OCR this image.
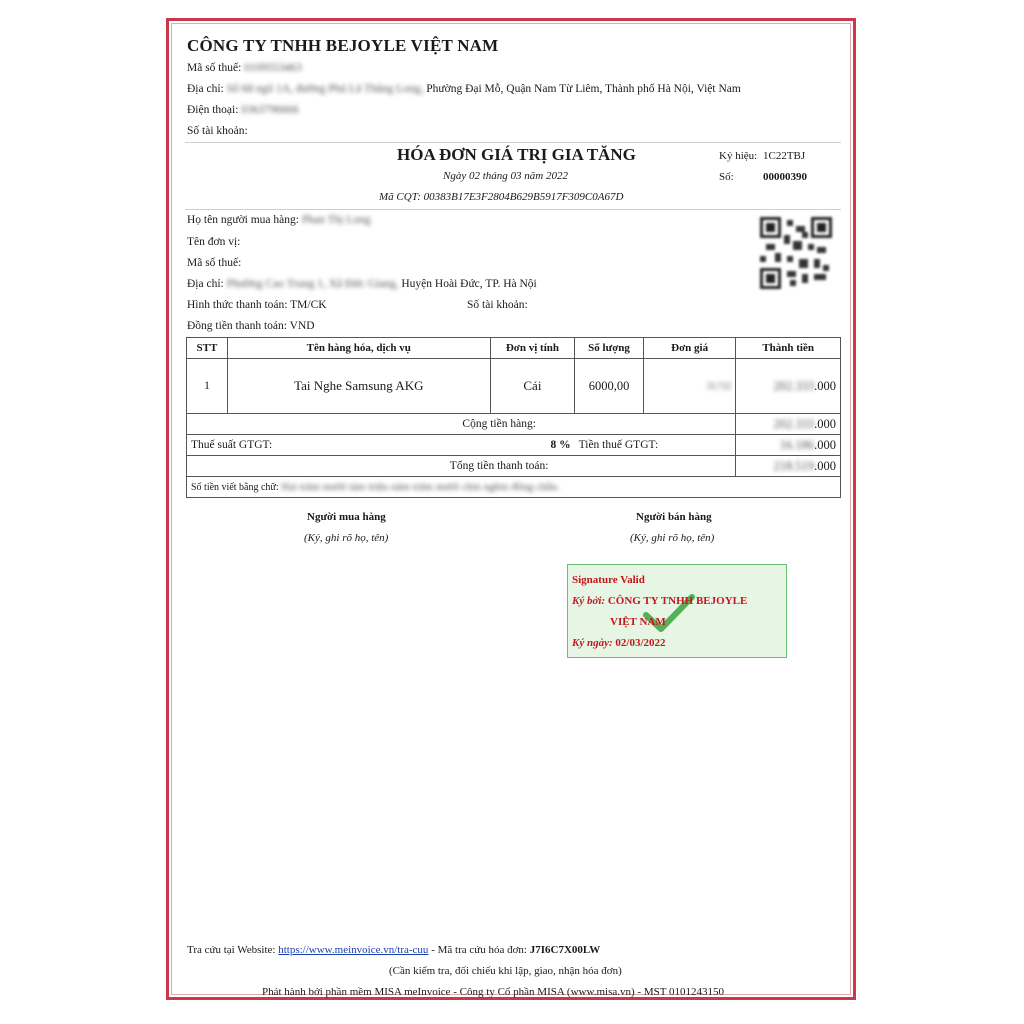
CÔNG TY TNHH BEJOYLE VIỆT NAM
Mã số thuế: 0109553463
Địa chỉ: Số 68 ngõ 1A, đường Phú Lã Thăng Long, Phường Đại Mỗ, Quận Nam Từ Liêm, Thành phố Hà Nội, Việt Nam
Điện thoại: 0363796666
Số tài khoản:
HÓA ĐƠN GIÁ TRỊ GIA TĂNG
Ngày 02 tháng 03 năm 2022
Mã CQT: 00383B17E3F2804B629B5917F309C0A67D
Ký hiệu: 1C22TBJ
Số:	00000390
Họ tên người mua hàng: Phan Thị Long
Tên đơn vị:
Mã số thuế:
Địa chỉ: Phường Cao Trung 1, Xã Đức Giang, Huyện Hoài Đức, TP. Hà Nội
Hình thức thanh toán: TM/CK	Số tài khoản:
Đồng tiền thanh toán: VND
STT	Tên hàng hóa, dịch vụ	Đơn vị tính	Số lượng	Đơn giá	Thành tiền
1	Tai Nghe Samsung AKG	Cái	6000,00	33.722	202.333.000
Cộng tiền hàng:					202.333.000
Thuế suất GTGT: 8 %			Tiền thuế GTGT:		16.186.000
Tổng tiền thanh toán:					218.519.000
Số tiền viết bằng chữ: Hai trăm mười tám triệu năm trăm mười chín nghìn đồng chẵn.					
Người mua hàng
(Ký, ghi rõ họ, tên)
Người bán hàng
(Ký, ghi rõ họ, tên)
Signature Valid
Ký bởi: CÔNG TY TNHH BEJOYLE
VIỆT NAM
Ký ngày: 02/03/2022
Tra cứu tại Website: https://www.meinvoice.vn/tra-cuu - Mã tra cứu hóa đơn: J7I6C7X00LW
(Cần kiểm tra, đối chiếu khi lập, giao, nhận hóa đơn)
Phát hành bởi phần mềm MISA meInvoice - Công ty Cổ phần MISA (www.misa.vn) - MST 0101243150
